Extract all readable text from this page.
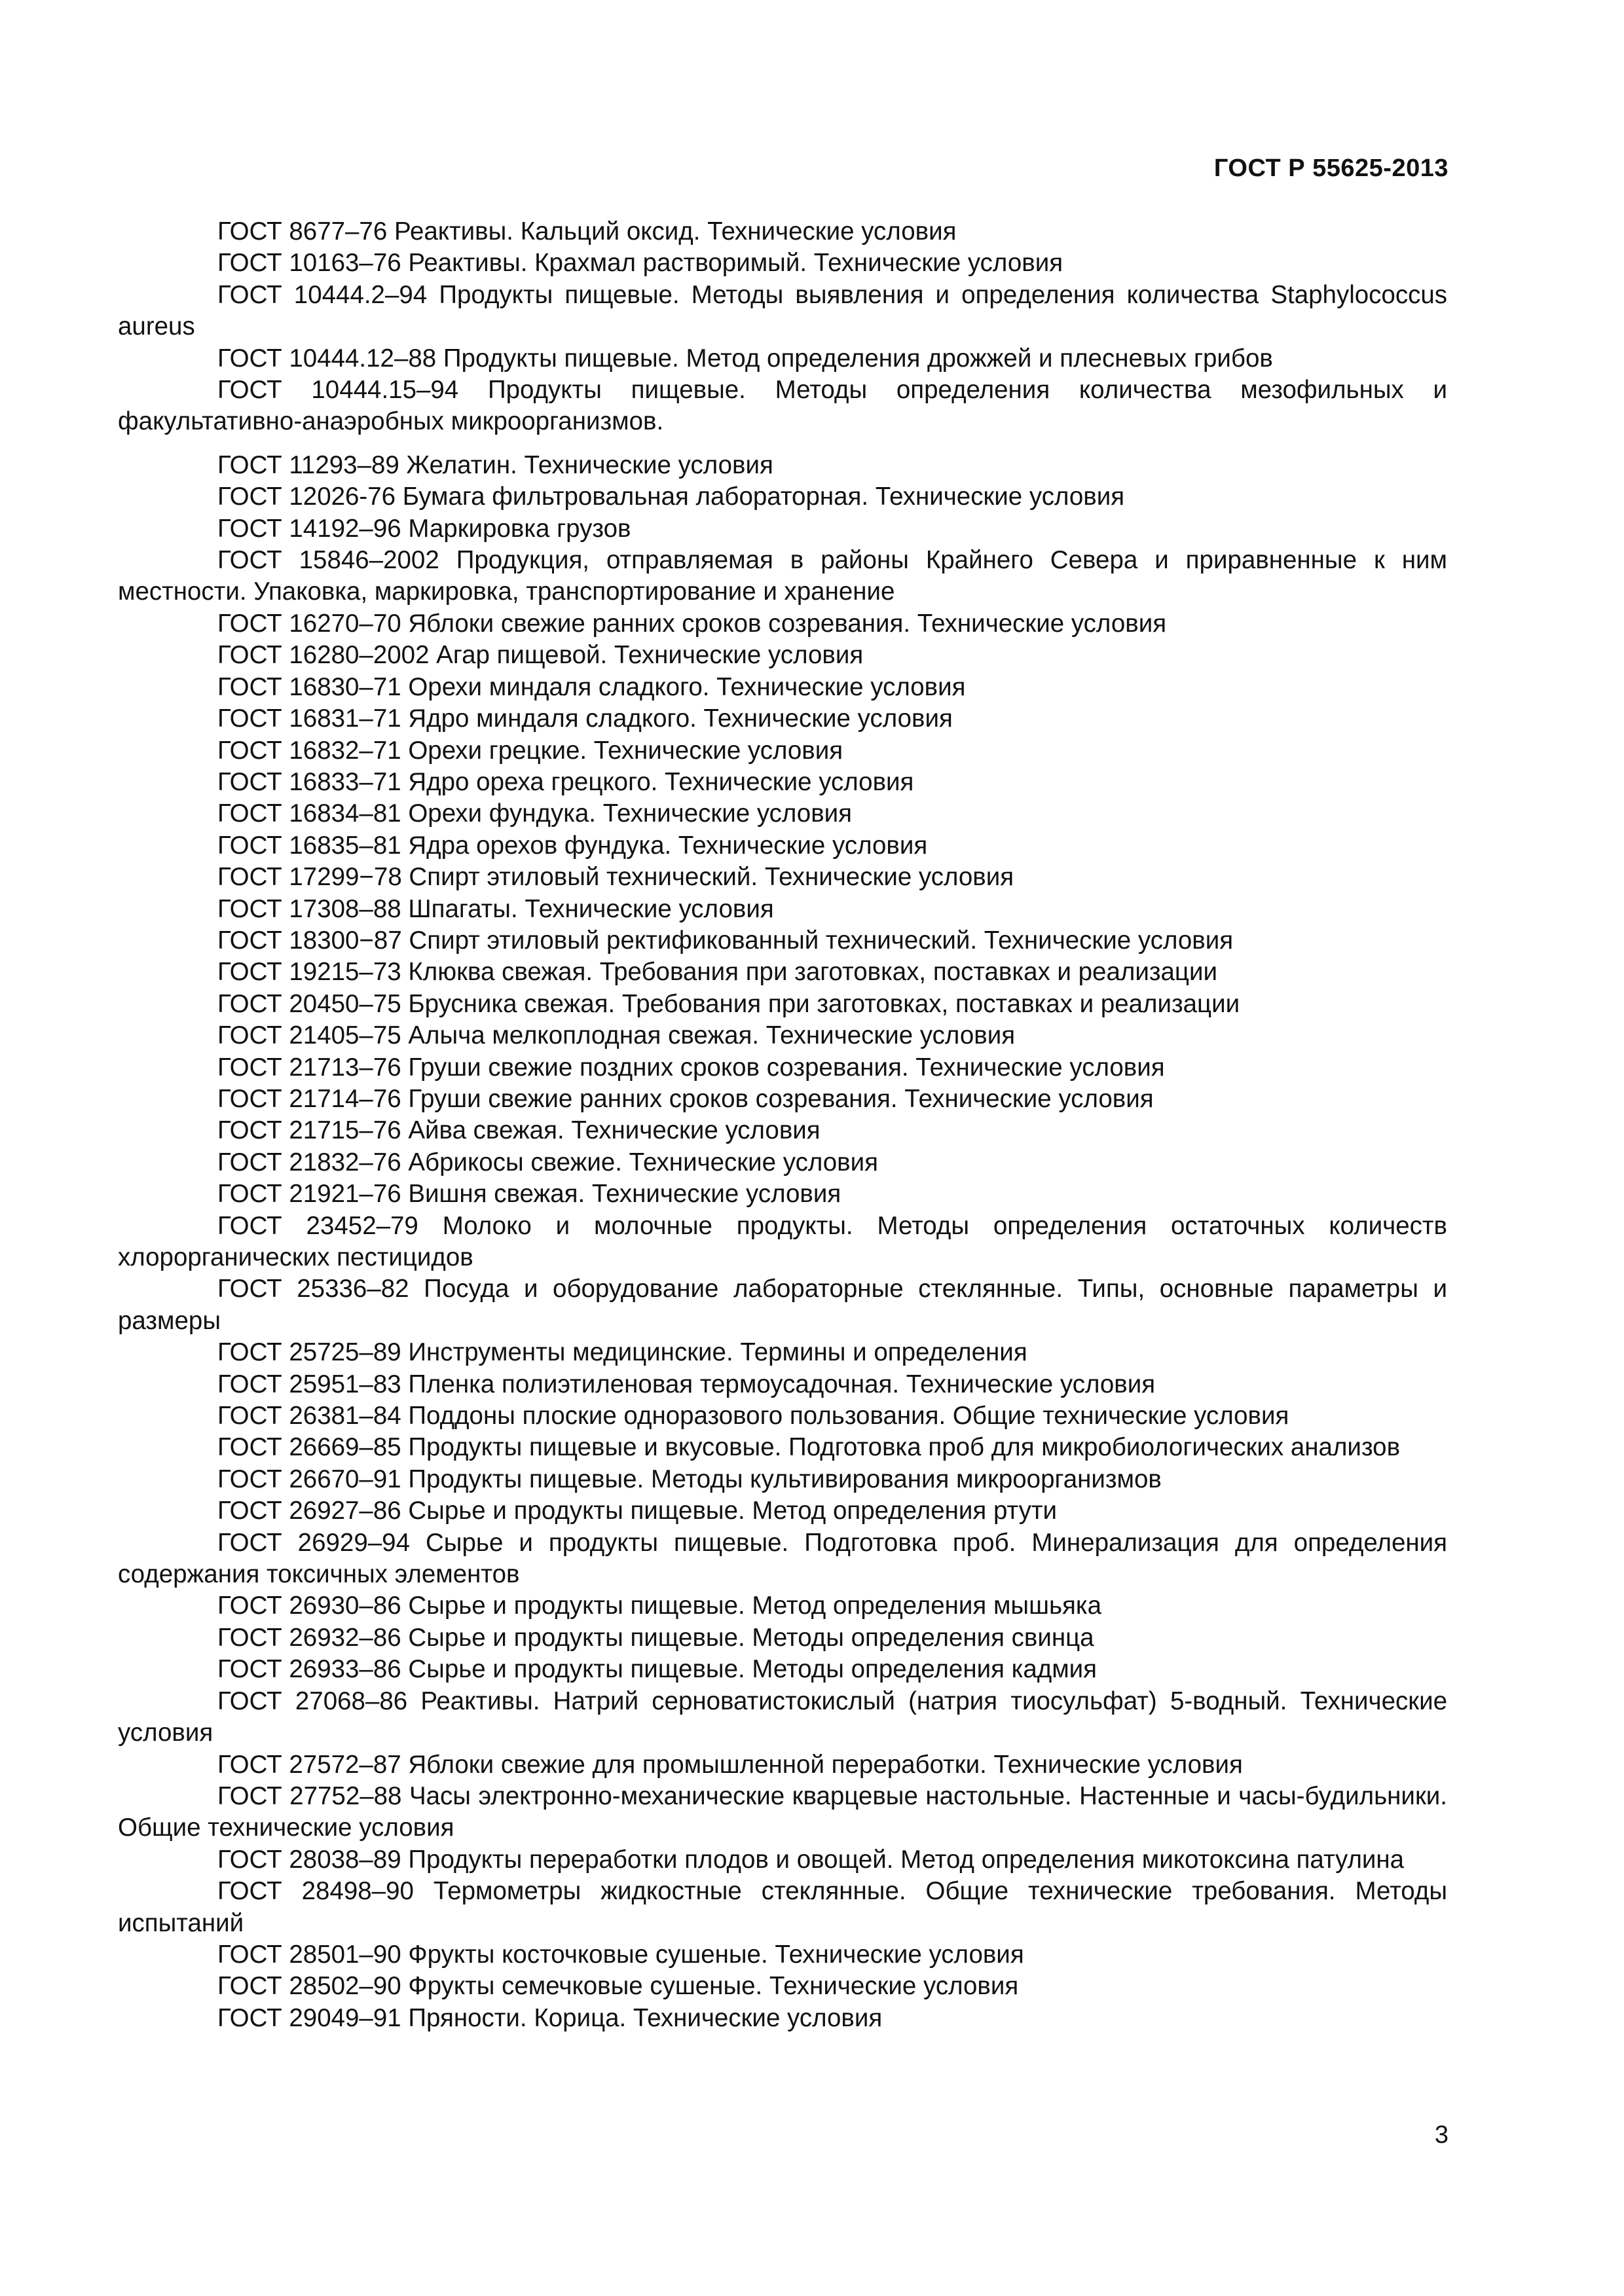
ГОСТ Р 55625-2013

ГОСТ 8677–76 Реактивы. Кальций оксид. Технические условия

ГОСТ 10163–76 Реактивы. Крахмал растворимый. Технические условия

ГОСТ 10444.2–94 Продукты пищевые. Методы выявления и определения количества Staphylococcus aureus

ГОСТ 10444.12–88 Продукты пищевые. Метод определения дрожжей и плесневых грибов

ГОСТ 10444.15–94 Продукты пищевые. Методы определения количества мезофильных и факультативно-анаэробных микроорганизмов.

ГОСТ 11293–89 Желатин. Технические условия

ГОСТ 12026-76 Бумага фильтровальная лабораторная. Технические условия

ГОСТ 14192–96 Маркировка грузов

ГОСТ 15846–2002 Продукция, отправляемая в районы Крайнего Севера и приравненные к ним местности. Упаковка, маркировка, транспортирование и хранение

ГОСТ 16270–70 Яблоки свежие ранних сроков созревания. Технические условия

ГОСТ 16280–2002 Агар пищевой. Технические условия

ГОСТ 16830–71 Орехи миндаля сладкого. Технические условия

ГОСТ 16831–71 Ядро миндаля сладкого. Технические условия

ГОСТ 16832–71 Орехи грецкие. Технические условия

ГОСТ 16833–71 Ядро ореха грецкого. Технические условия

ГОСТ 16834–81 Орехи фундука. Технические условия

ГОСТ 16835–81 Ядра орехов фундука. Технические условия

ГОСТ 17299−78 Спирт этиловый технический. Технические условия

ГОСТ 17308–88 Шпагаты. Технические условия

ГОСТ 18300−87 Спирт этиловый ректификованный технический. Технические условия

ГОСТ 19215–73 Клюква свежая. Требования при заготовках, поставках и реализации

ГОСТ 20450–75 Брусника свежая. Требования при заготовках, поставках и реализации

ГОСТ 21405–75 Алыча мелкоплодная свежая. Технические условия

ГОСТ 21713–76 Груши свежие поздних сроков созревания. Технические условия

ГОСТ 21714–76 Груши свежие ранних сроков созревания. Технические условия

ГОСТ 21715–76 Айва свежая. Технические условия

ГОСТ 21832–76 Абрикосы свежие. Технические условия

ГОСТ 21921–76 Вишня свежая. Технические условия

ГОСТ 23452–79 Молоко и молочные продукты. Методы определения остаточных количеств хлорорганических пестицидов

ГОСТ 25336–82 Посуда и оборудование лабораторные стеклянные. Типы, основные параметры и размеры

ГОСТ 25725–89 Инструменты медицинские. Термины и определения

ГОСТ 25951–83 Пленка полиэтиленовая термоусадочная. Технические условия

ГОСТ 26381–84 Поддоны плоские одноразового пользования. Общие технические условия

ГОСТ 26669–85 Продукты пищевые и вкусовые. Подготовка проб для микробиологических анализов

ГОСТ 26670–91 Продукты пищевые. Методы культивирования микроорганизмов

ГОСТ 26927–86 Сырье и продукты пищевые. Метод определения ртути

ГОСТ 26929–94 Сырье и продукты пищевые. Подготовка проб. Минерализация для определения содержания токсичных элементов

ГОСТ 26930–86 Сырье и продукты пищевые. Метод определения мышьяка

ГОСТ 26932–86 Сырье и продукты пищевые. Методы определения свинца

ГОСТ 26933–86 Сырье и продукты пищевые. Методы определения кадмия

ГОСТ 27068–86 Реактивы. Натрий серноватистокислый (натрия тиосульфат) 5-водный. Технические условия

ГОСТ 27572–87 Яблоки свежие для промышленной переработки. Технические условия

ГОСТ 27752–88 Часы электронно-механические кварцевые настольные. Настенные и часы-будильники. Общие технические условия

ГОСТ 28038–89 Продукты переработки плодов и овощей. Метод определения микотоксина патулина

ГОСТ 28498–90 Термометры жидкостные стеклянные. Общие технические требования. Методы испытаний

ГОСТ 28501–90 Фрукты косточковые сушеные. Технические условия

ГОСТ 28502–90 Фрукты семечковые сушеные. Технические условия

ГОСТ 29049–91 Пряности. Корица. Технические условия

3
